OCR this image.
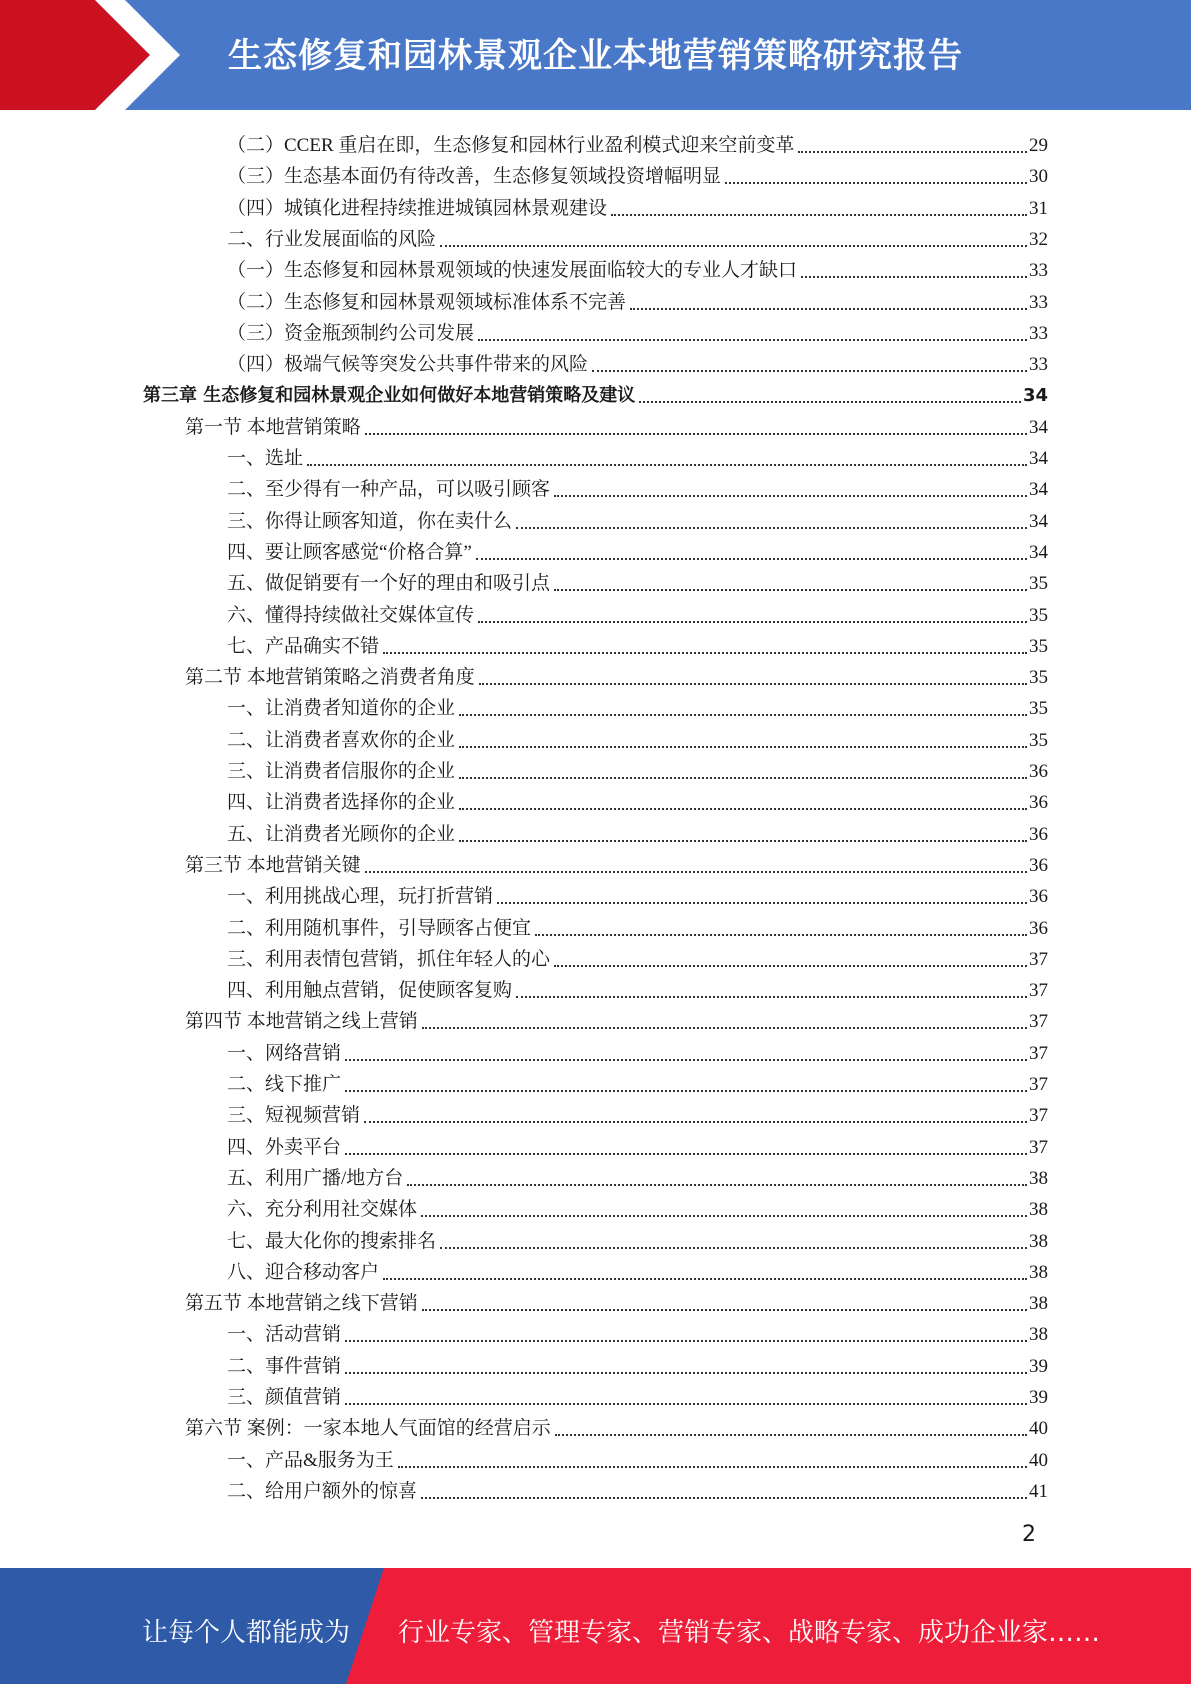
生态修复和园林景观企业本地营销策略研究报告
（二）CCER 重启在即，生态修复和园林行业盈利模式迎来空前变革	29
（三）生态基本面仍有待改善，生态修复领域投资增幅明显	30
（四）城镇化进程持续推进城镇园林景观建设	31
二、行业发展面临的风险	32
（一）生态修复和园林景观领域的快速发展面临较大的专业人才缺口	33
（二）生态修复和园林景观领域标准体系不完善	33
（三）资金瓶颈制约公司发展	33
（四）极端气候等突发公共事件带来的风险	33
第三章 生态修复和园林景观企业如何做好本地营销策略及建议	34
第一节 本地营销策略	34
一、选址	34
二、至少得有一种产品，可以吸引顾客	34
三、你得让顾客知道，你在卖什么	34
四、要让顾客感觉“价格合算”	34
五、做促销要有一个好的理由和吸引点	35
六、懂得持续做社交媒体宣传	35
七、产品确实不错	35
第二节 本地营销策略之消费者角度	35
一、让消费者知道你的企业	35
二、让消费者喜欢你的企业	35
三、让消费者信服你的企业	36
四、让消费者选择你的企业	36
五、让消费者光顾你的企业	36
第三节 本地营销关键	36
一、利用挑战心理，玩打折营销	36
二、利用随机事件，引导顾客占便宜	36
三、利用表情包营销，抓住年轻人的心	37
四、利用触点营销，促使顾客复购	37
第四节 本地营销之线上营销	37
一、网络营销	37
二、线下推广	37
三、短视频营销	37
四、外卖平台	37
五、利用广播/地方台	38
六、充分利用社交媒体	38
七、最大化你的搜索排名	38
八、迎合移动客户	38
第五节 本地营销之线下营销	38
一、活动营销	38
二、事件营销	39
三、颜值营销	39
第六节 案例：一家本地人气面馆的经营启示	40
一、产品&服务为王	40
二、给用户额外的惊喜	41
2
让每个人都能成为 行业专家、管理专家、营销专家、战略专家、成功企业家……
